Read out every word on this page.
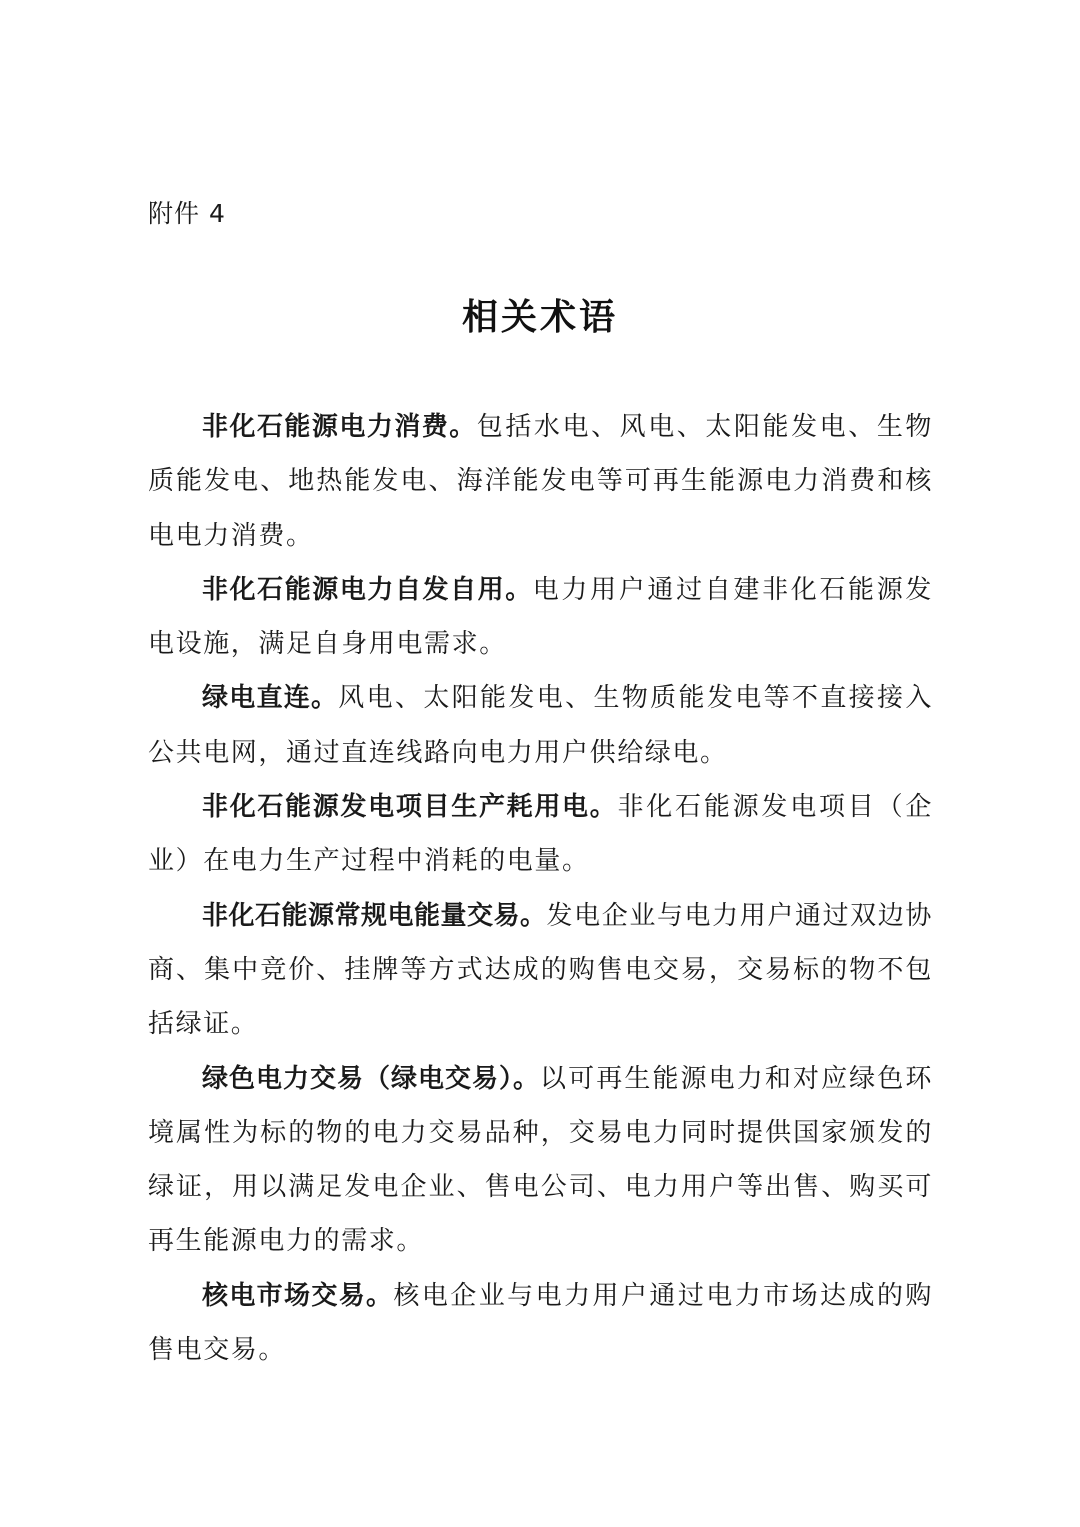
附件 4
相关术语

非化石能源电力消费。包括水电、风电、太阳能发电、生物质能发电、地热能发电、海洋能发电等可再生能源电力消费和核电电力消费。

非化石能源电力自发自用。电力用户通过自建非化石能源发电设施，满足自身用电需求。

绿电直连。风电、太阳能发电、生物质能发电等不直接接入公共电网，通过直连线路向电力用户供给绿电。

非化石能源发电项目生产耗用电。非化石能源发电项目（企业）在电力生产过程中消耗的电量。

非化石能源常规电能量交易。发电企业与电力用户通过双边协商、集中竞价、挂牌等方式达成的购售电交易，交易标的物不包括绿证。

绿色电力交易（绿电交易）。以可再生能源电力和对应绿色环境属性为标的物的电力交易品种，交易电力同时提供国家颁发的绿证，用以满足发电企业、售电公司、电力用户等出售、购买可再生能源电力的需求。

核电市场交易。核电企业与电力用户通过电力市场达成的购售电交易。
